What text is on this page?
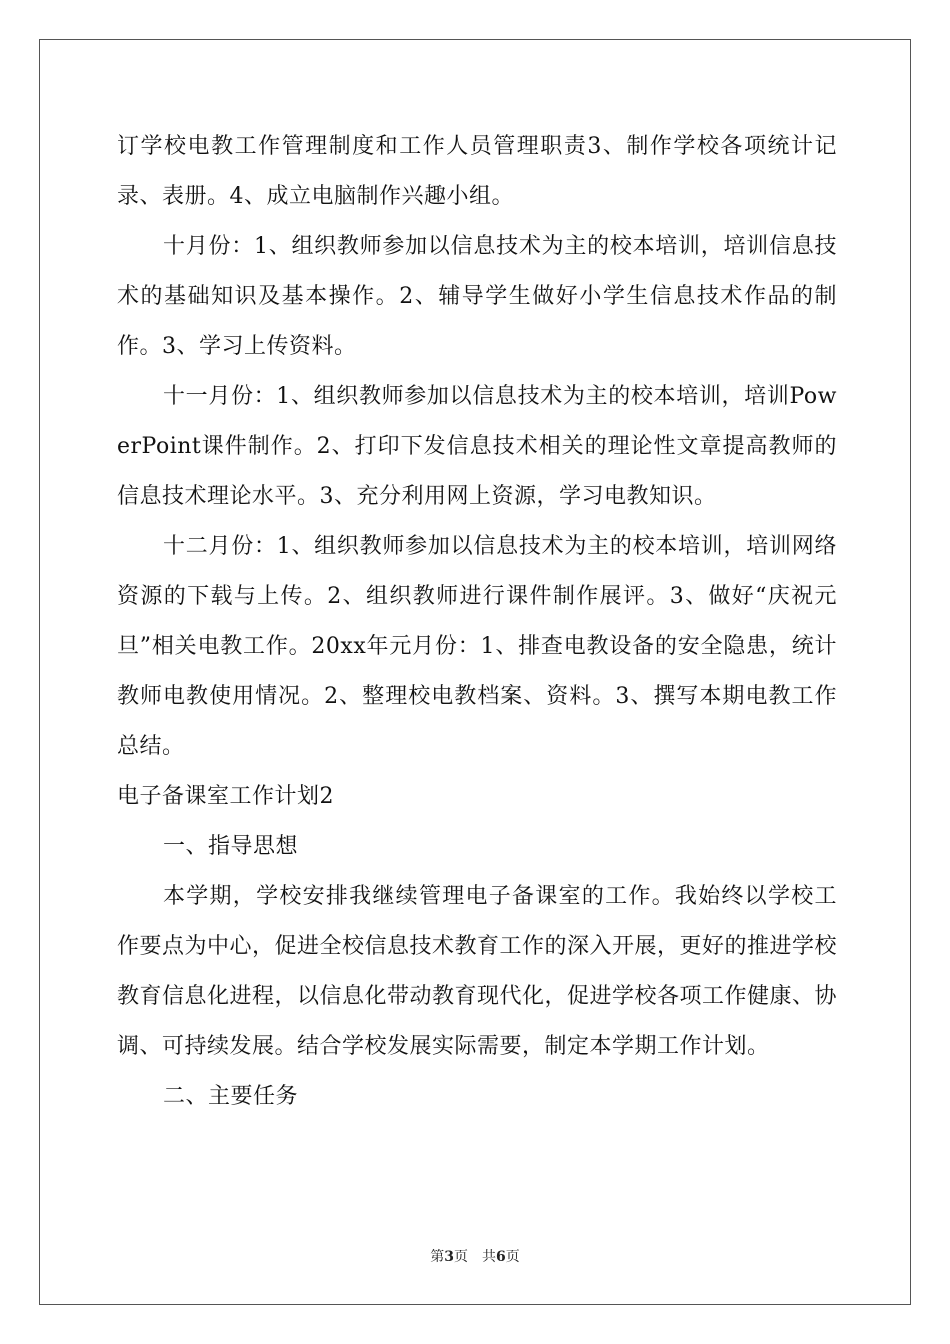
订学校电教工作管理制度和工作人员管理职责3、制作学校各项统计记录、表册。4、成立电脑制作兴趣小组。

十月份：1、组织教师参加以信息技术为主的校本培训，培训信息技术的基础知识及基本操作。2、辅导学生做好小学生信息技术作品的制作。3、学习上传资料。

十一月份：1、组织教师参加以信息技术为主的校本培训，培训PowerPoint课件制作。2、打印下发信息技术相关的理论性文章提高教师的信息技术理论水平。3、充分利用网上资源，学习电教知识。

十二月份：1、组织教师参加以信息技术为主的校本培训，培训网络资源的下载与上传。2、组织教师进行课件制作展评。3、做好“庆祝元旦”相关电教工作。20xx年元月份：1、排查电教设备的安全隐患，统计教师电教使用情况。2、整理校电教档案、资料。3、撰写本期电教工作总结。

电子备课室工作计划2

一、指导思想

本学期，学校安排我继续管理电子备课室的工作。我始终以学校工作要点为中心，促进全校信息技术教育工作的深入开展，更好的推进学校教育信息化进程，以信息化带动教育现代化，促进学校各项工作健康、协调、可持续发展。结合学校发展实际需要，制定本学期工作计划。

二、主要任务

第3页 共6页
